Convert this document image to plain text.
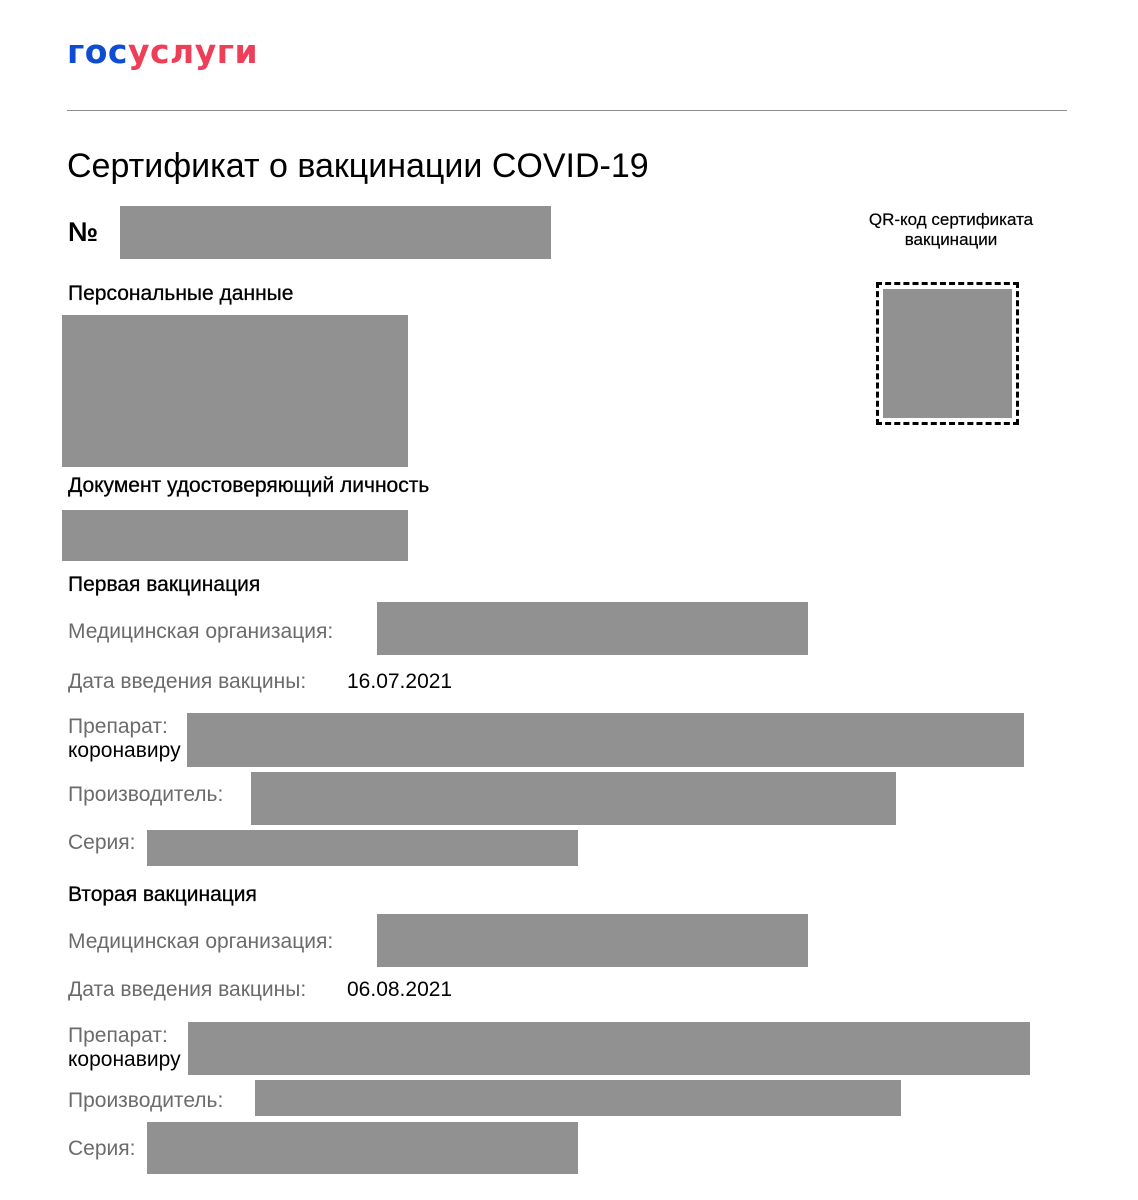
госуслуги
Сертификат о вакцинации COVID-19
№	QR-код сертификата вакцинации
Персональные данные
Документ удостоверяющий личность
Первая вакцинация
Медицинская организация:
Дата введения вакцины: 16.07.2021
Препарат:
коронавиру
Производитель:
Серия:
Вторая вакцинация
Медицинская организация:
Дата введения вакцины: 06.08.2021
Препарат:
коронавиру
Производитель:
Серия:
